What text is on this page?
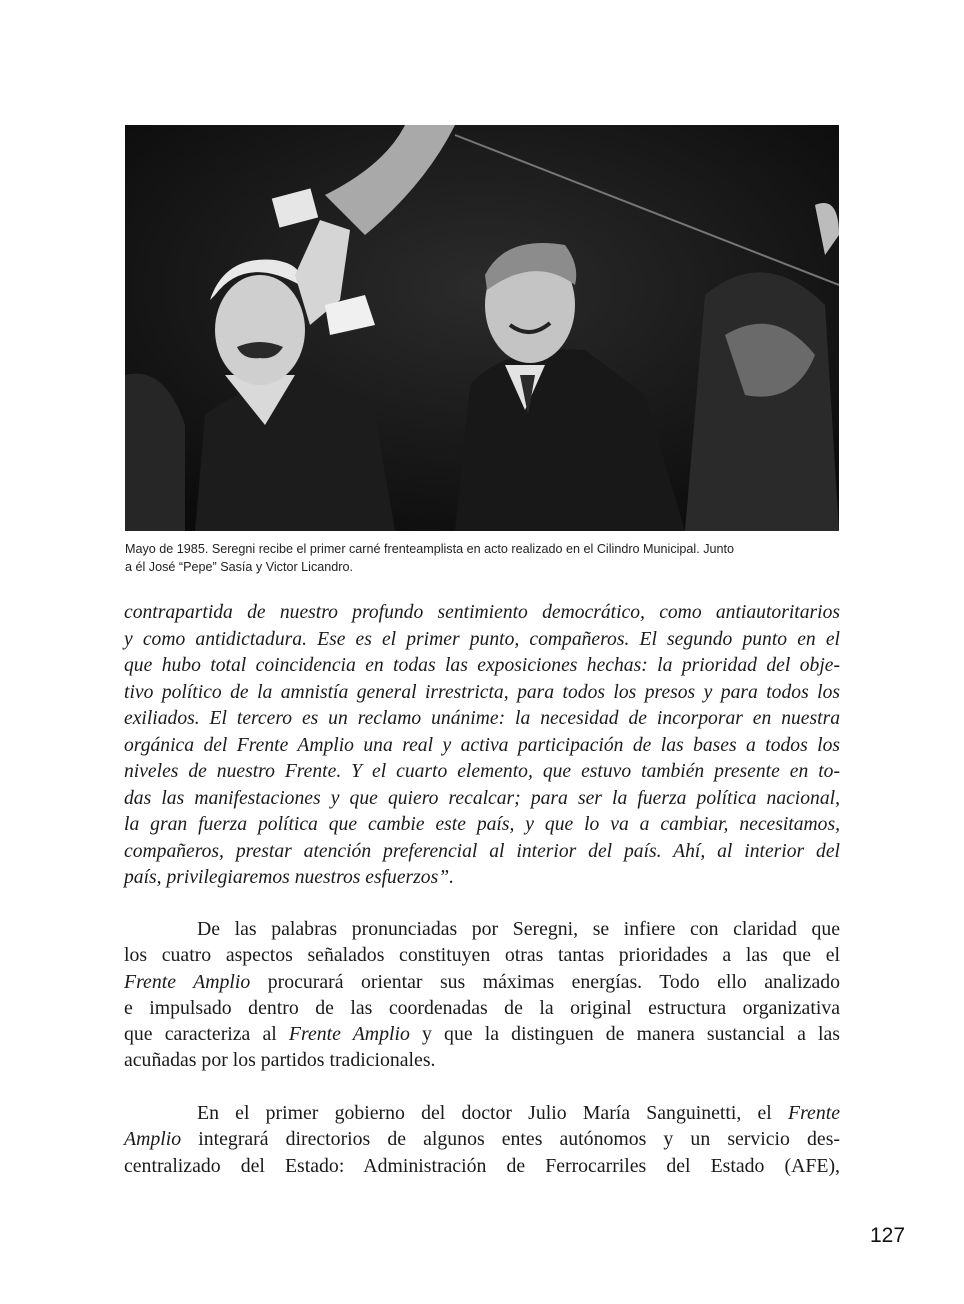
Mayo de 1985. Seregni recibe el primer carné frenteamplista en acto realizado en el Cilindro Municipal. Junto
a él José “Pepe” Sasía y Victor Licandro.
contrapartida de nuestro profundo sentimiento democrático, como antiautoritarios
y como antidictadura. Ese es el primer punto, compañeros. El segundo punto en el
que hubo total coincidencia en todas las exposiciones hechas: la prioridad del obje-
tivo político de la amnistía general irrestricta, para todos los presos y para todos los
exiliados. El tercero es un reclamo unánime: la necesidad de incorporar en nuestra
orgánica del Frente Amplio una real y activa participación de las bases a todos los
niveles de nuestro Frente. Y el cuarto elemento, que estuvo también presente en to-
das las manifestaciones y que quiero recalcar; para ser la fuerza política nacional,
la gran fuerza política que cambie este país, y que lo va a cambiar, necesitamos,
compañeros, prestar atención preferencial al interior del país. Ahí, al interior del
país, privilegiaremos nuestros esfuerzos”.
De las palabras pronunciadas por Seregni, se infiere con claridad que
los cuatro aspectos señalados constituyen otras tantas prioridades a las que el
Frente Amplio procurará orientar sus máximas energías. Todo ello analizado
e impulsado dentro de las coordenadas de la original estructura organizativa
que caracteriza al Frente Amplio y que la distinguen de manera sustancial a las
acuñadas por los partidos tradicionales.
En el primer gobierno del doctor Julio María Sanguinetti, el Frente
Amplio integrará directorios de algunos entes autónomos y un servicio des-
centralizado del Estado: Administración de Ferrocarriles del Estado (AFE),
127
